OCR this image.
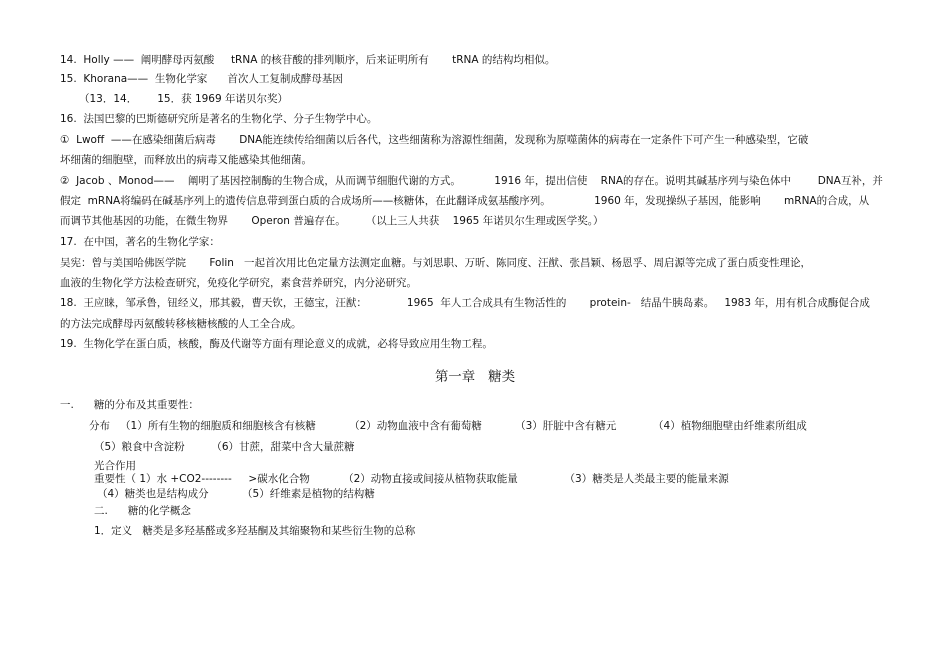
14.  Holly ——  阐明酵母丙氨酸     tRNA 的核苷酸的排列顺序，后来证明所有       tRNA 的结构均相似。
15.  Khorana——  生物化学家      首次人工复制成酵母基因
（13．14．      15．获 1969 年诺贝尔奖）
16.  法国巴黎的巴斯德研究所是著名的生物化学、分子生物学中心。
①  Lwoff  ——在感染细菌后病毒       DNA能连续传给细菌以后各代，这些细菌称为溶源性细菌，发现称为原噬菌体的病毒在一定条件下可产生一种感染型，它破
坏细菌的细胞壁，而释放出的病毒又能感染其他细菌。
②  Jacob 、Monod——    阐明了基因控制酶的生物合成，从而调节细胞代谢的方式。          1916 年，提出信使    RNA的存在。说明其碱基序列与染色体中        DNA互补，并
假定  mRNA将编码在碱基序列上的遗传信息带到蛋白质的合成场所——核糖体，在此翻译成氨基酸序列。             1960 年，发现操纵子基因，能影响       mRNA的合成，从
而调节其他基因的功能，在微生物界       Operon 普遍存在。      （以上三人共获    1965 年诺贝尔生理或医学奖。）
17.  在中国，著名的生物化学家：
吴宪：曾与美国哈佛医学院       Folin   一起首次用比色定量方法测定血糖。与刘思职、万昕、陈同度、汪猷、张昌颖、杨恩孚、周启源等完成了蛋白质变性理论，
血液的生物化学方法检查研究，免疫化学研究，素食营养研究，内分泌研究。
18.  王应睐，邹承鲁，钮经义，邢其毅，曹天钦，王德宝，汪猷：            1965  年人工合成具有生物活性的       protein-   结晶牛胰岛素。   1983 年，用有机合成酶促合成
的方法完成酵母丙氨酸转移核糖核酸的人工全合成。
19.  生物化学在蛋白质，核酸，酶及代谢等方面有理论意义的成就，必将导致应用生物工程。
第一章   糖类
一.      糖的分布及其重要性：
分布   （1）所有生物的细胞质和细胞核含有核糖          （2）动物血液中含有葡萄糖          （3）肝脏中含有糖元           （4）植物细胞壁由纤维素所组成
（5）粮食中含淀粉        （6）甘蔗，甜菜中含大量蔗糖
光合作用
重要性（ 1）水 +CO2--------     >碳水化合物          （2）动物直接或间接从植物获取能量              （3）糖类是人类最主要的能量来源
（4）糖类也是结构成分          （5）纤维素是植物的结构糖
二.      糖的化学概念
1．定义   糖类是多羟基醛或多羟基酮及其缩聚物和某些衍生物的总称
